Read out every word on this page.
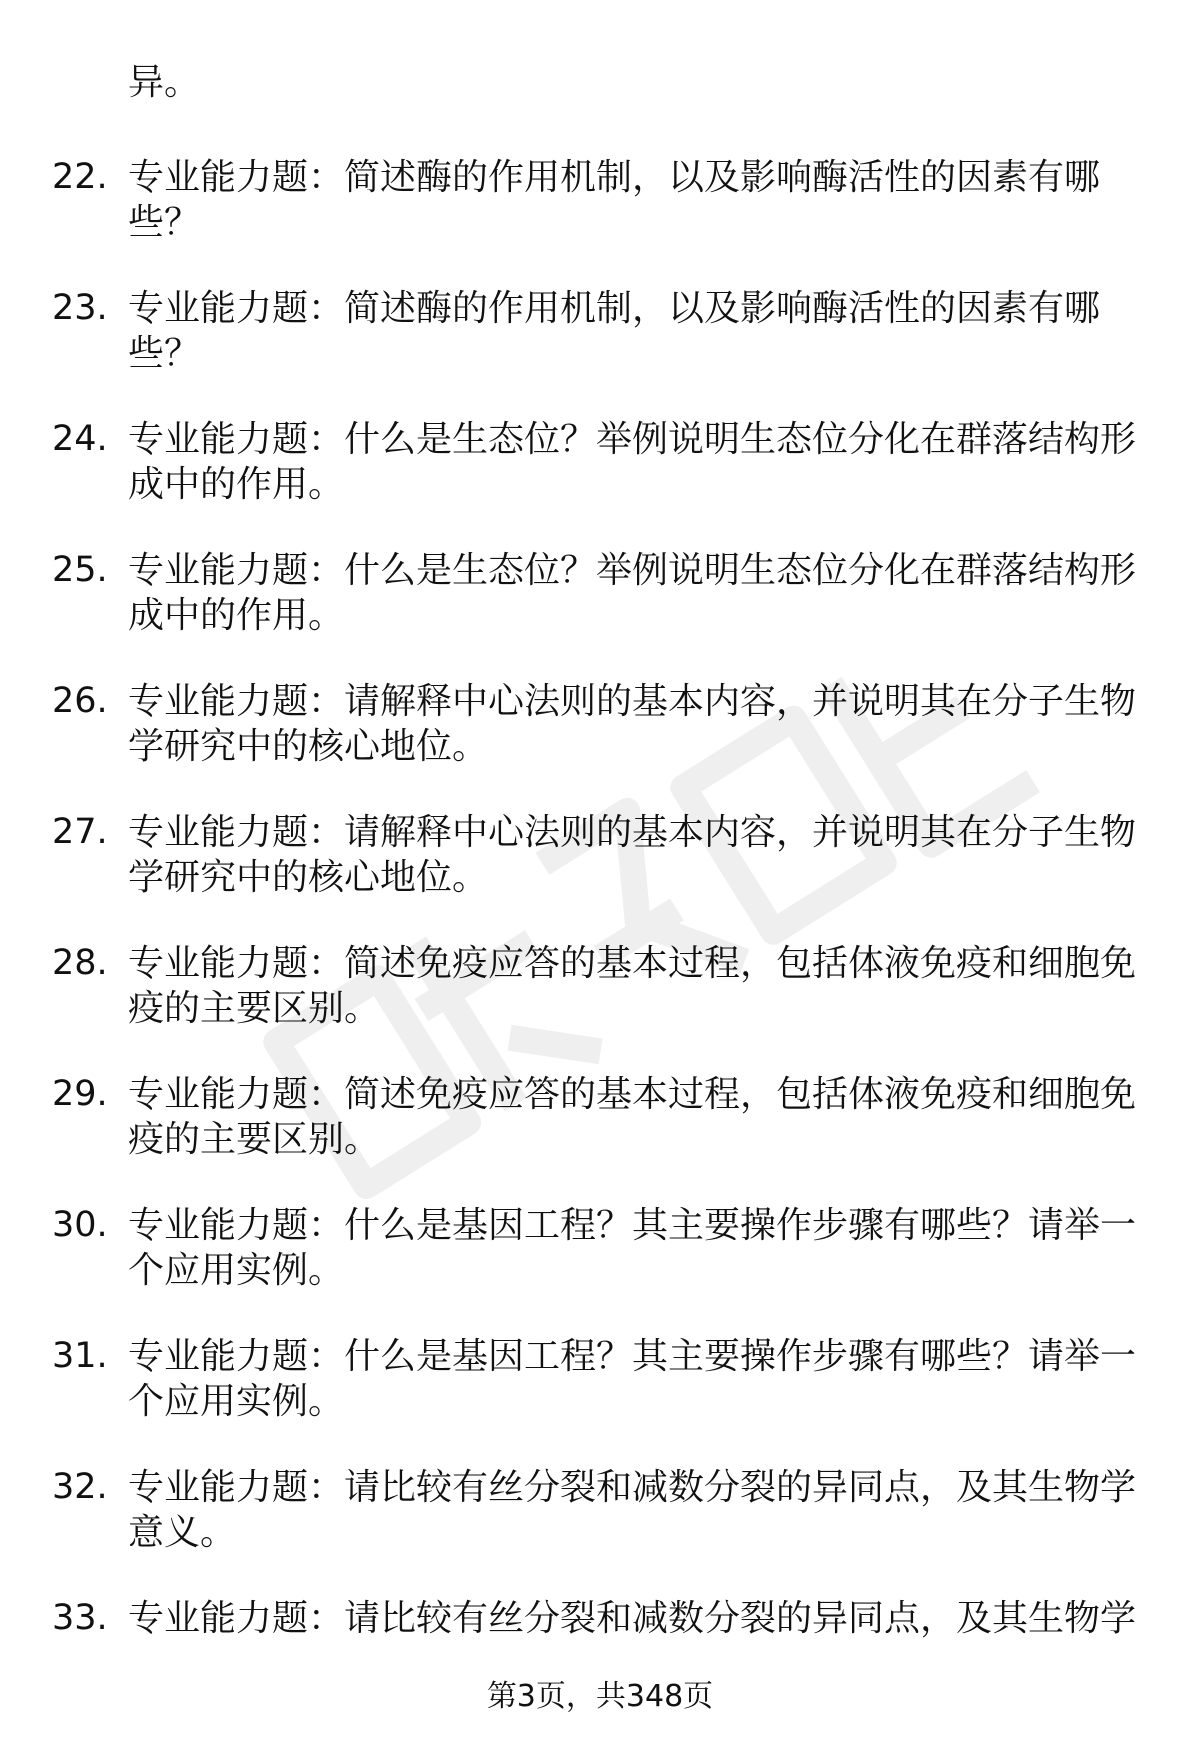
异。
22. 专业能力题：简述酶的作用机制，以及影响酶活性的因素有哪些？
23. 专业能力题：简述酶的作用机制，以及影响酶活性的因素有哪些？
24. 专业能力题：什么是生态位？举例说明生态位分化在群落结构形成中的作用。
25. 专业能力题：什么是生态位？举例说明生态位分化在群落结构形成中的作用。
26. 专业能力题：请解释中心法则的基本内容，并说明其在分子生物学研究中的核心地位。
27. 专业能力题：请解释中心法则的基本内容，并说明其在分子生物学研究中的核心地位。
28. 专业能力题：简述免疫应答的基本过程，包括体液免疫和细胞免疫的主要区别。
29. 专业能力题：简述免疫应答的基本过程，包括体液免疫和细胞免疫的主要区别。
30. 专业能力题：什么是基因工程？其主要操作步骤有哪些？请举一个应用实例。
31. 专业能力题：什么是基因工程？其主要操作步骤有哪些？请举一个应用实例。
32. 专业能力题：请比较有丝分裂和减数分裂的异同点，及其生物学意义。
33. 专业能力题：请比较有丝分裂和减数分裂的异同点，及其生物学
第3页，共348页
